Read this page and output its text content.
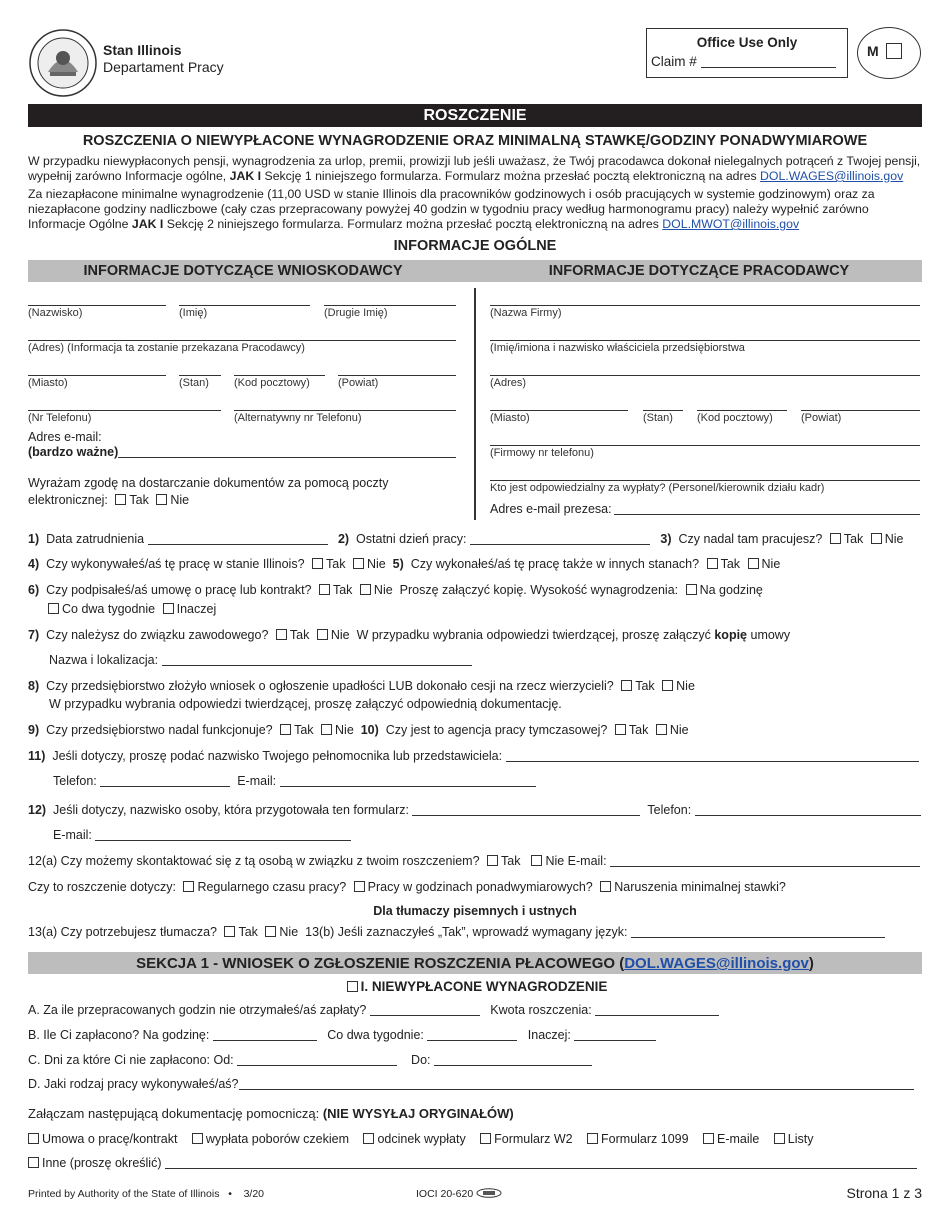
Stan Illinois
Departament Pracy
Office Use Only
Claim #
M
ROSZCZENIE
ROSZCZENIA O NIEWYPŁACONE WYNAGRODZENIE ORAZ MINIMALNĄ STAWKĘ/GODZINY PONADWYMIAROWE
W przypadku niewypłaconych pensji, wynagrodzenia za urlop, premii, prowizji lub jeśli uważasz, że Twój pracodawca dokonał nielegalnych potrąceń z Twojej pensji,
wypełnij zarówno Informacje ogólne, JAK I Sekcję 1 niniejszego formularza. Formularz można przesłać pocztą elektroniczną na adres DOL.WAGES@illinois.gov
Za niezapłacone minimalne wynagrodzenie (11,00 USD w stanie Illinois dla pracowników godzinowych i osób pracujących w systemie godzinowym) oraz za
niezapłacone godziny nadliczbowe (cały czas przepracowany powyżej 40 godzin w tygodniu pracy według harmonogramu pracy) należy wypełnić zarówno
Informacje Ogólne JAK I Sekcję 2 niniejszego formularza. Formularz można przesłać pocztą elektroniczną na adres DOL.MWOT@illinois.gov
INFORMACJE OGÓLNE
INFORMACJE DOTYCZĄCE WNIOSKODAWCY	INFORMACJE DOTYCZĄCE PRACODAWCY
(Nazwisko)	(Imię)	(Drugie Imię)
(Adres) (Informacja ta zostanie przekazana Pracodawcy)
(Miasto)	(Stan) (Kod pocztowy)	(Powiat)
(Nr Telefonu)	(Alternatywny nr Telefonu)
Adres e-mail:
(bardzo ważne)
Wyrażam zgodę na dostarczanie dokumentów za pomocą poczty
elektronicznej: Tak Nie
(Nazwa Firmy)
(Imię/imiona i nazwisko właściciela przedsiębiorstwa
(Adres)
(Miasto)	(Stan) (Kod pocztowy)	(Powiat)
(Firmowy nr telefonu)
Kto jest odpowiedzialny za wypłaty? (Personel/kierownik działu kadr)
Adres e-mail prezesa:
1) Data zatrudnienia	2) Ostatni dzień pracy:	3) Czy nadal tam pracujesz? Tak Nie
4) Czy wykonywałeś/aś tę pracę w stanie Illinois? Tak Nie 5) Czy wykonałeś/aś tę pracę także w innych stanach? Tak Nie
6) Czy podpisałeś/aś umowę o pracę lub kontrakt? Tak Nie Proszę załączyć kopię. Wysokość wynagrodzenia: Na godzinę
Co dwa tygodnie Inaczej
7) Czy należysz do związku zawodowego? Tak Nie W przypadku wybrania odpowiedzi twierdzącej, proszę załączyć kopię umowy
Nazwa i lokalizacja:
8) Czy przedsiębiorstwo złożyło wniosek o ogłoszenie upadłości LUB dokonało cesji na rzecz wierzycieli? Tak Nie
W przypadku wybrania odpowiedzi twierdzącej, proszę załączyć odpowiednią dokumentację.
9) Czy przedsiębiorstwo nadal funkcjonuje? Tak Nie 10) Czy jest to agencja pracy tymczasowej? Tak Nie
11) Jeśli dotyczy, proszę podać nazwisko Twojego pełnomocnika lub przedstawiciela:
Telefon:	E-mail:
12) Jeśli dotyczy, nazwisko osoby, która przygotowała ten formularz:	Telefon:
E-mail:
12(a) Czy możemy skontaktować się z tą osobą w związku z twoim roszczeniem? Tak Nie E-mail:
Czy to roszczenie dotyczy: Regularnego czasu pracy? Pracy w godzinach ponadwymiarowych? Naruszenia minimalnej stawki?
Dla tłumaczy pisemnych i ustnych
13(a) Czy potrzebujesz tłumacza? Tak Nie 13(b) Jeśli zaznaczyłeś „Tak”, wprowadź wymagany język:
SEKCJA 1 - WNIOSEK O ZGŁOSZENIE ROSZCZENIA PŁACOWEGO (DOL.WAGES@illinois.gov)
I. NIEWYPŁACONE WYNAGRODZENIE
A. Za ile przepracowanych godzin nie otrzymałeś/aś zapłaty?	Kwota roszczenia:
B. Ile Ci zapłacono? Na godzinę:	Co dwa tygodnie:	Inaczej:
C. Dni za które Ci nie zapłacono: Od:	Do:
D. Jaki rodzaj pracy wykonywałeś/aś?
Załączam następującą dokumentację pomocniczą: (NIE WYSYŁAJ ORYGINAŁÓW)
Umowa o pracę/kontrakt wypłata poborów czekiem odcinek wypłaty Formularz W2 Formularz 1099 E-maile Listy
Inne (proszę określić)
Printed by Authority of the State of Illinois • 3/20	IOCI 20-620	Strona 1 z 3
